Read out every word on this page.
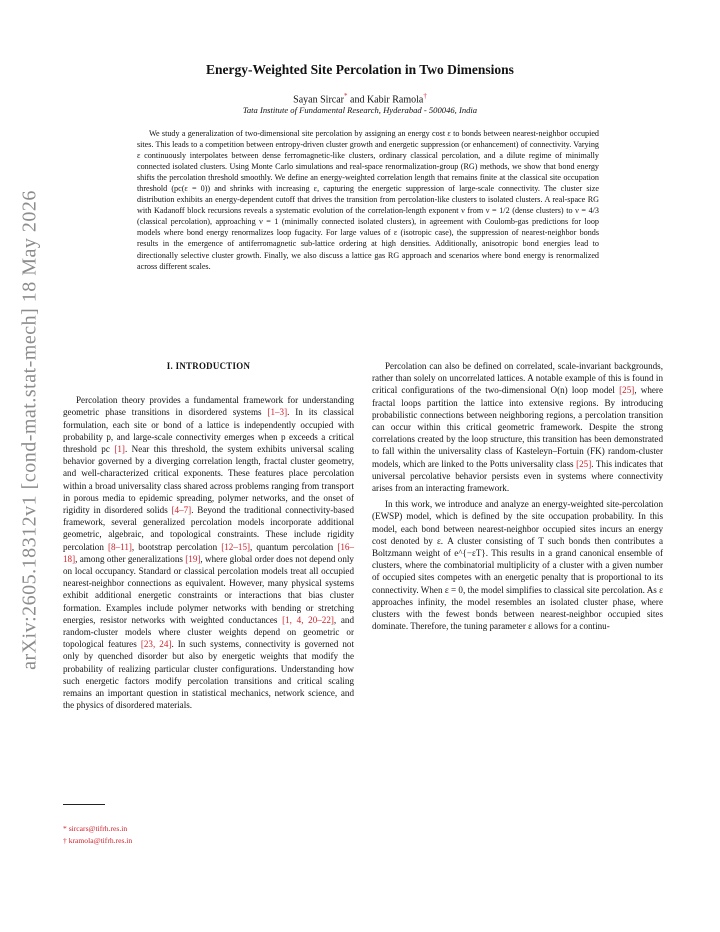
arXiv:2605.18312v1 [cond-mat.stat-mech] 18 May 2026
Energy-Weighted Site Percolation in Two Dimensions
Sayan Sircar* and Kabir Ramola†
Tata Institute of Fundamental Research, Hyderabad - 500046, India

We study a generalization of two-dimensional site percolation by assigning an energy cost ε to bonds between nearest-neighbor occupied sites. This leads to a competition between entropy-driven cluster growth and energetic suppression (or enhancement) of connectivity. Varying ε continuously interpolates between dense ferromagnetic-like clusters, ordinary classical percolation, and a dilute regime of minimally connected isolated clusters. Using Monte Carlo simulations and real-space renormalization-group (RG) methods, we show that bond energy shifts the percolation threshold smoothly. We define an energy-weighted correlation length that remains finite at the classical site occupation threshold (pc(ε = 0)) and shrinks with increasing ε, capturing the energetic suppression of large-scale connectivity. The cluster size distribution exhibits an energy-dependent cutoff that drives the transition from percolation-like clusters to isolated clusters. A real-space RG with Kadanoff block recursions reveals a systematic evolution of the correlation-length exponent ν from ν = 1/2 (dense clusters) to ν = 4/3 (classical percolation), approaching ν = 1 (minimally connected isolated clusters), in agreement with Coulomb-gas predictions for loop models where bond energy renormalizes loop fugacity. For large values of ε (isotropic case), the suppression of nearest-neighbor bonds results in the emergence of antiferromagnetic sub-lattice ordering at high densities. Additionally, anisotropic bond energies lead to directionally selective cluster growth. Finally, we also discuss a lattice gas RG approach and scenarios where bond energy is renormalized across different scales.

I. INTRODUCTION

Percolation theory provides a fundamental framework for understanding geometric phase transitions in disordered systems [1–3]. In its classical formulation, each site or bond of a lattice is independently occupied with probability p, and large-scale connectivity emerges when p exceeds a critical threshold pc [1]. Near this threshold, the system exhibits universal scaling behavior governed by a diverging correlation length, fractal cluster geometry, and well-characterized critical exponents. These features place percolation within a broad universality class shared across problems ranging from transport in porous media to epidemic spreading, polymer networks, and the onset of rigidity in disordered solids [4–7]. Beyond the traditional connectivity-based framework, several generalized percolation models incorporate additional geometric, algebraic, and topological constraints. These include rigidity percolation [8–11], bootstrap percolation [12–15], quantum percolation [16–18], among other generalizations [19], where global order does not depend only on local occupancy. Standard or classical percolation models treat all occupied nearest-neighbor connections as equivalent. However, many physical systems exhibit additional energetic constraints or interactions that bias cluster formation. Examples include polymer networks with bending or stretching energies, resistor networks with weighted conductances [1, 4, 20–22], and random-cluster models where cluster weights depend on geometric or topological features [23, 24]. In such systems, connectivity is governed not only by quenched disorder but also by energetic weights that modify the probability of realizing particular cluster configurations. Understanding how such energetic factors modify percolation transitions and critical scaling remains an important question in statistical mechanics, network science, and the physics of disordered materials.

Percolation can also be defined on correlated, scale-invariant backgrounds, rather than solely on uncorrelated lattices. A notable example of this is found in critical configurations of the two-dimensional O(n) loop model [25], where fractal loops partition the lattice into extensive regions. By introducing probabilistic connections between neighboring regions, a percolation transition can occur within this critical geometric framework. Despite the strong correlations created by the loop structure, this transition has been demonstrated to fall within the universality class of Kasteleyn–Fortuin (FK) random-cluster models, which are linked to the Potts universality class [25]. This indicates that universal percolative behavior persists even in systems where connectivity arises from an interacting framework.

In this work, we introduce and analyze an energy-weighted site-percolation (EWSP) model, which is defined by the site occupation probability. In this model, each bond between nearest-neighbor occupied sites incurs an energy cost denoted by ε. A cluster consisting of T such bonds then contributes a Boltzmann weight of e^{−εT}. This results in a grand canonical ensemble of clusters, where the combinatorial multiplicity of a cluster with a given number of occupied sites competes with an energetic penalty that is proportional to its connectivity. When ε = 0, the model simplifies to classical site percolation. As ε approaches infinity, the model resembles an isolated cluster phase, where clusters with the fewest bonds between nearest-neighbor occupied sites dominate. Therefore, the tuning parameter ε allows for a continu-

* sircars@tifrh.res.in
† kramola@tifrh.res.in
